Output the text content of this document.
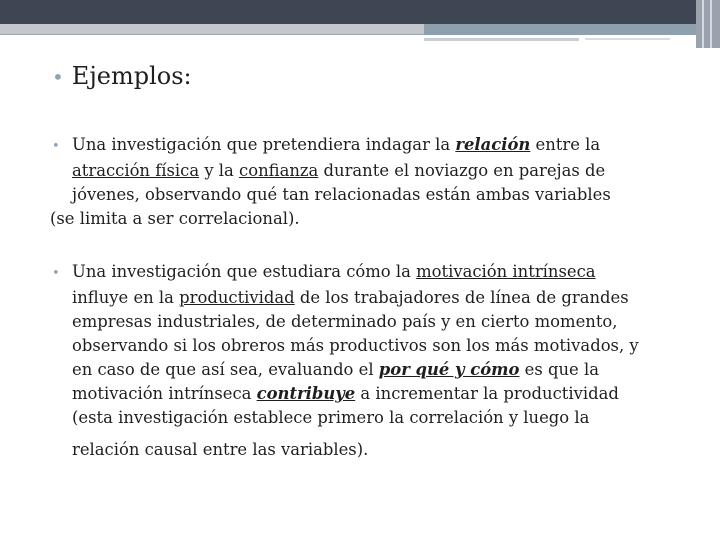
• Ejemplos:
• Una investigación que pretendiera indagar la relación entre la
atracción física y la confianza durante el noviazgo en parejas de
jóvenes, observando qué tan relacionadas están ambas variables
(se limita a ser correlacional).
• Una investigación que estudiara cómo la motivación intrínseca
influye en la productividad de los trabajadores de línea de grandes
empresas industriales, de determinado país y en cierto momento,
observando si los obreros más productivos son los más motivados, y
en caso de que así sea, evaluando el por qué y cómo es que la
motivación intrínseca contribuye a incrementar la productividad
(esta investigación establece primero la correlación y luego la
relación causal entre las variables).
